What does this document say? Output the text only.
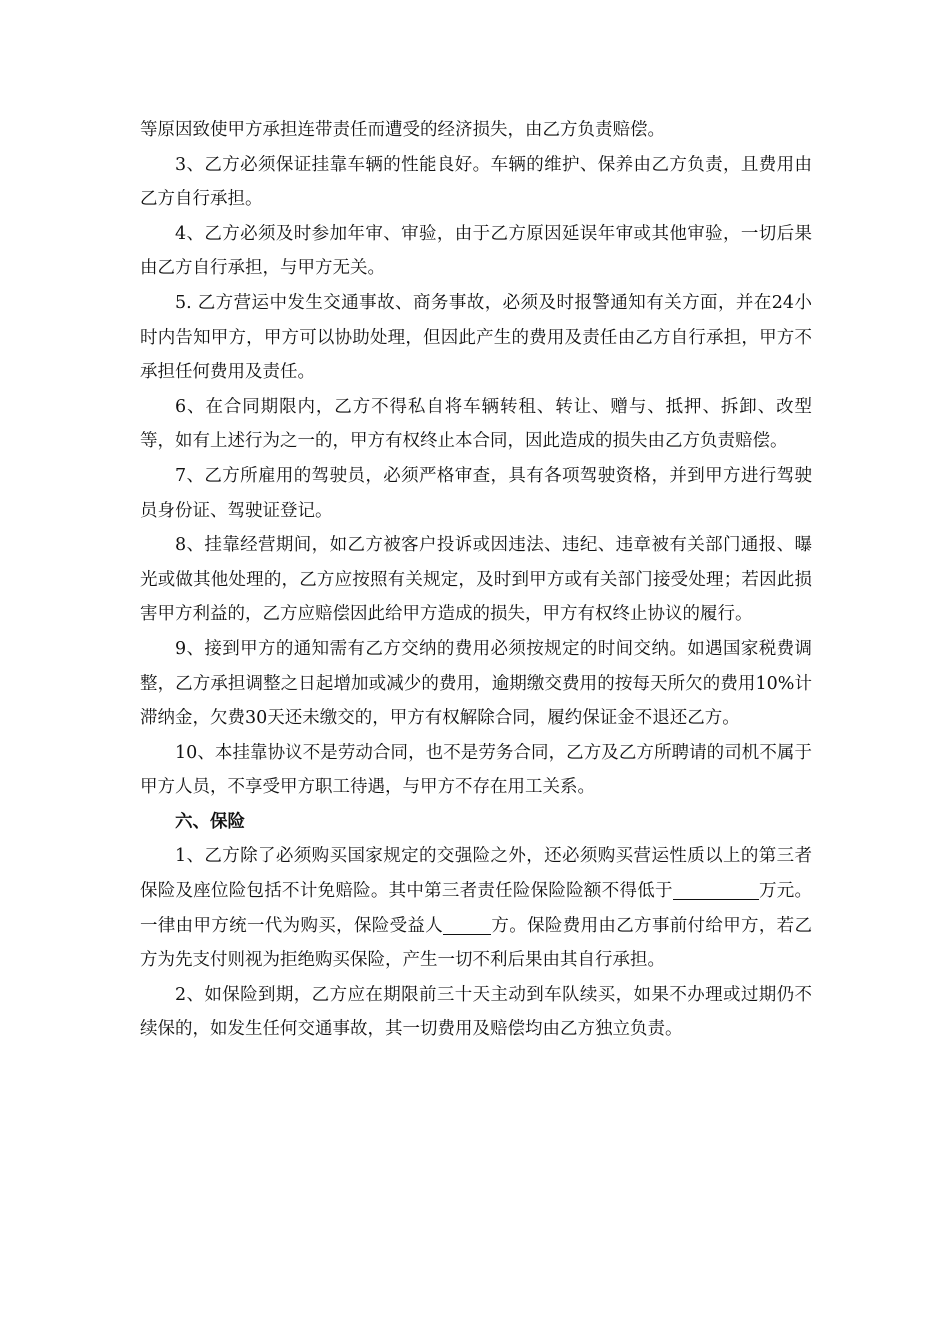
等原因致使甲方承担连带责任而遭受的经济损失，由乙方负责赔偿。

3、乙方必须保证挂靠车辆的性能良好。车辆的维护、保养由乙方负责，且费用由乙方自行承担。

4、乙方必须及时参加年审、审验，由于乙方原因延误年审或其他审验，一切后果由乙方自行承担，与甲方无关。

5. 乙方营运中发生交通事故、商务事故，必须及时报警通知有关方面，并在24小时内告知甲方，甲方可以协助处理，但因此产生的费用及责任由乙方自行承担，甲方不承担任何费用及责任。

6、在合同期限内，乙方不得私自将车辆转租、转让、赠与、抵押、拆卸、改型等，如有上述行为之一的，甲方有权终止本合同，因此造成的损失由乙方负责赔偿。

7、乙方所雇用的驾驶员，必须严格审查，具有各项驾驶资格，并到甲方进行驾驶员身份证、驾驶证登记。

8、挂靠经营期间，如乙方被客户投诉或因违法、违纪、违章被有关部门通报、曝光或做其他处理的，乙方应按照有关规定，及时到甲方或有关部门接受处理；若因此损害甲方利益的，乙方应赔偿因此给甲方造成的损失，甲方有权终止协议的履行。

9、接到甲方的通知需有乙方交纳的费用必须按规定的时间交纳。如遇国家税费调整，乙方承担调整之日起增加或减少的费用，逾期缴交费用的按每天所欠的费用10%计滞纳金，欠费30天还未缴交的，甲方有权解除合同，履约保证金不退还乙方。

10、本挂靠协议不是劳动合同，也不是劳务合同，乙方及乙方所聘请的司机不属于甲方人员，不享受甲方职工待遇，与甲方不存在用工关系。

六、保险

1、乙方除了必须购买国家规定的交强险之外，还必须购买营运性质以上的第三者保险及座位险包括不计免赔险。其中第三者责任险保险险额不得低于	万元。一律由甲方统一代为购买，保险受益人	方。保险费用由乙方事前付给甲方，若乙方为先支付则视为拒绝购买保险，产生一切不利后果由其自行承担。

2、如保险到期，乙方应在期限前三十天主动到车队续买，如果不办理或过期仍不续保的，如发生任何交通事故，其一切费用及赔偿均由乙方独立负责。
